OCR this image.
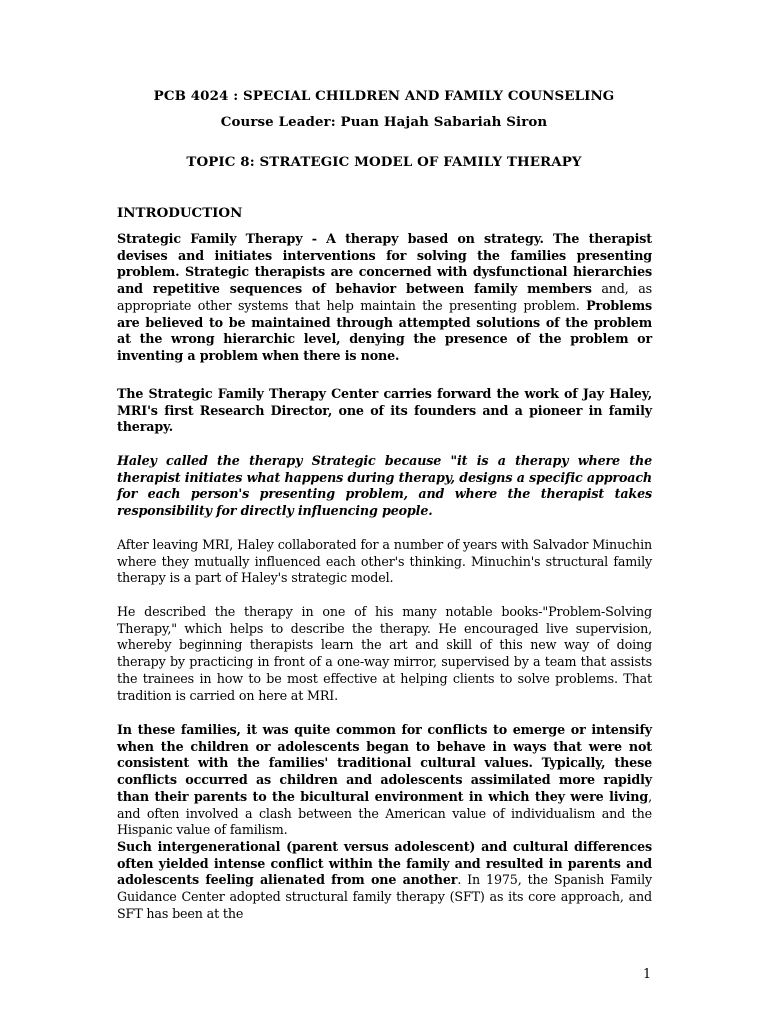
PCB 4024 : SPECIAL CHILDREN AND FAMILY COUNSELING
Course Leader: Puan Hajah Sabariah Siron
TOPIC 8: STRATEGIC MODEL OF FAMILY THERAPY
INTRODUCTION

Strategic Family Therapy - A therapy based on strategy. The therapist devises and initiates interventions for solving the families presenting problem. Strategic therapists are concerned with dysfunctional hierarchies and repetitive sequences of behavior between family members and, as appropriate other systems that help maintain the presenting problem. Problems are believed to be maintained through attempted solutions of the problem at the wrong hierarchic level, denying the presence of the problem or inventing a problem when there is none.

The Strategic Family Therapy Center carries forward the work of Jay Haley, MRI's first Research Director, one of its founders and a pioneer in family therapy.

Haley called the therapy Strategic because "it is a therapy where the therapist initiates what happens during therapy, designs a specific approach for each person's presenting problem, and where the therapist takes responsibility for directly influencing people.

After leaving MRI, Haley collaborated for a number of years with Salvador Minuchin where they mutually influenced each other's thinking. Minuchin's structural family therapy is a part of Haley's strategic model.

He described the therapy in one of his many notable books-"Problem-Solving Therapy," which helps to describe the therapy. He encouraged live supervision, whereby beginning therapists learn the art and skill of this new way of doing therapy by practicing in front of a one-way mirror, supervised by a team that assists the trainees in how to be most effective at helping clients to solve problems. That tradition is carried on here at MRI.

In these families, it was quite common for conflicts to emerge or intensify when the children or adolescents began to behave in ways that were not consistent with the families' traditional cultural values. Typically, these conflicts occurred as children and adolescents assimilated more rapidly than their parents to the bicultural environment in which they were living, and often involved a clash between the American value of individualism and the Hispanic value of familism.

Such intergenerational (parent versus adolescent) and cultural differences often yielded intense conflict within the family and resulted in parents and adolescents feeling alienated from one another. In 1975, the Spanish Family Guidance Center adopted structural family therapy (SFT) as its core approach, and SFT has been at the

1
